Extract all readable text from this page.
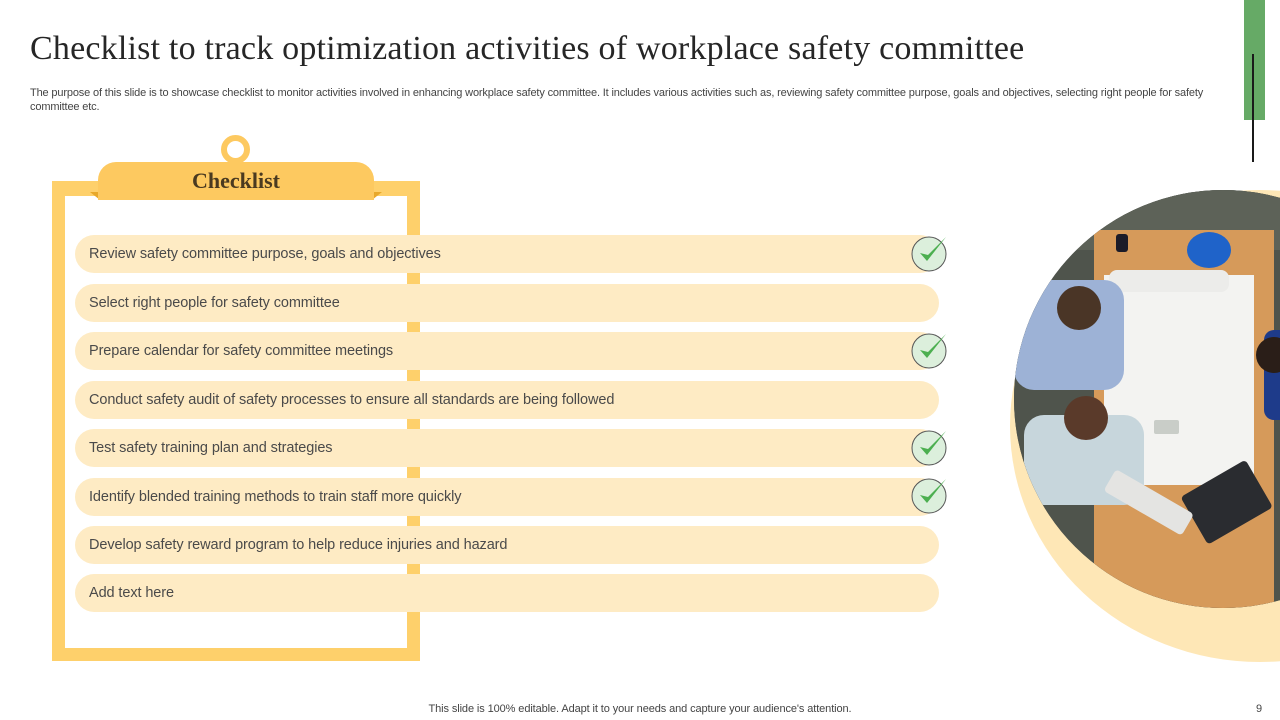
Checklist to track optimization activities of workplace safety committee
The purpose of this slide is to showcase checklist to monitor activities involved in enhancing workplace safety committee. It includes various activities such as, reviewing safety committee purpose, goals and objectives, selecting right people for safety committee etc.
Checklist
Review safety committee purpose, goals and objectives
Select right people for safety committee
Prepare calendar for safety committee meetings
Conduct safety audit of safety processes to ensure all standards are being followed
Test safety training plan and strategies
Identify blended training methods to train staff more quickly
Develop safety reward program to help reduce injuries and hazard
Add text here
This slide is 100% editable. Adapt it to your needs and capture your audience's attention.	9
